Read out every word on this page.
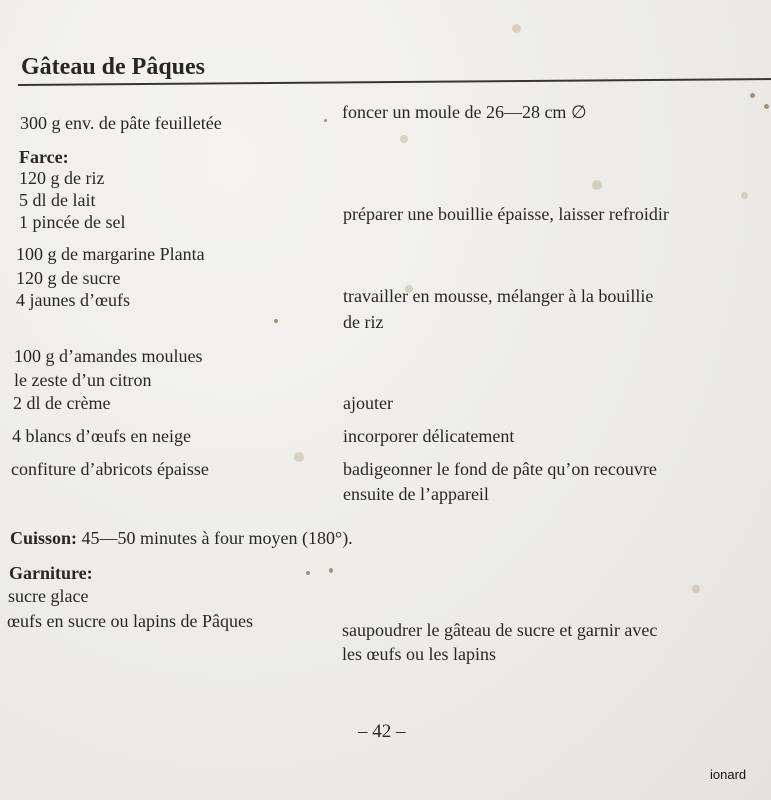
Gâteau de Pâques
300 g env. de pâte feuilletée
Farce:
120 g de riz
5 dl de lait
1 pincée de sel
100 g de margarine Planta
120 g de sucre
4 jaunes d’œufs
100 g d’amandes moulues
le zeste d’un citron
2 dl de crème
4 blancs d’œufs en neige
confiture d’abricots épaisse
Cuisson: 45—50 minutes à four moyen (180°).
Garniture:
sucre glace
œufs en sucre ou lapins de Pâques
foncer un moule de 26—28 cm ∅
préparer une bouillie épaisse, laisser refroidir
travailler en mousse, mélanger à la bouillie
de riz
ajouter
incorporer délicatement
badigeonner le fond de pâte qu’on recouvre
ensuite de l’appareil
saupoudrer le gâteau de sucre et garnir avec
les œufs ou les lapins
– 42 –
ionard
